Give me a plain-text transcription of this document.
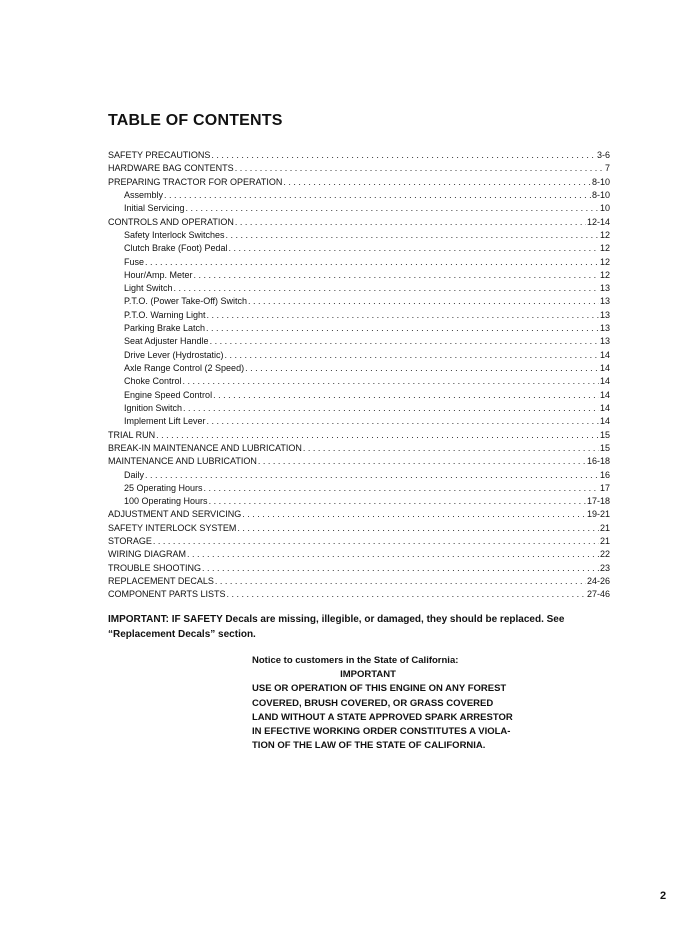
TABLE OF CONTENTS
SAFETY PRECAUTIONS . . .	3-6
HARDWARE BAG CONTENTS . . .	7
PREPARING TRACTOR FOR OPERATION . . .	8-10
Assembly . . .	8-10
Initial Servicing . . .	10
CONTROLS AND OPERATION . . .	12-14
Safety Interlock Switches . . .	12
Clutch Brake (Foot) Pedal . . .	12
Fuse . . .	12
Hour/Amp. Meter . . .	12
Light Switch . . .	13
P.T.O. (Power Take-Off) Switch . . .	13
P.T.O. Warning Light . . .	13
Parking Brake Latch . . .	13
Seat Adjuster Handle . . .	13
Drive Lever (Hydrostatic) . . .	14
Axle Range Control (2 Speed) . . .	14
Choke Control . . .	14
Engine Speed Control . . .	14
Ignition Switch . . .	14
Implement Lift Lever . . .	14
TRIAL RUN . . .	15
BREAK-IN MAINTENANCE AND LUBRICATION . . .	15
MAINTENANCE AND LUBRICATION . . .	16-18
Daily . . .	16
25 Operating Hours . . .	17
100 Operating Hours . . .	17-18
ADJUSTMENT AND SERVICING . . .	19-21
SAFETY INTERLOCK SYSTEM . . .	21
STORAGE . . .	21
WIRING DIAGRAM . . .	22
TROUBLE SHOOTING . . .	23
REPLACEMENT DECALS . . .	24-26
COMPONENT PARTS LISTS . . .	27-46
IMPORTANT: IF SAFETY Decals are missing, illegible, or damaged, they should be replaced. See “Replacement Decals” section.
Notice to customers in the State of California:
IMPORTANT
USE OR OPERATION OF THIS ENGINE ON ANY FOREST
COVERED, BRUSH COVERED, OR GRASS COVERED
LAND WITHOUT A STATE APPROVED SPARK ARRESTOR
IN EFECTIVE WORKING ORDER CONSTITUTES A VIOLA-
TION OF THE LAW OF THE STATE OF CALIFORNIA.
2
